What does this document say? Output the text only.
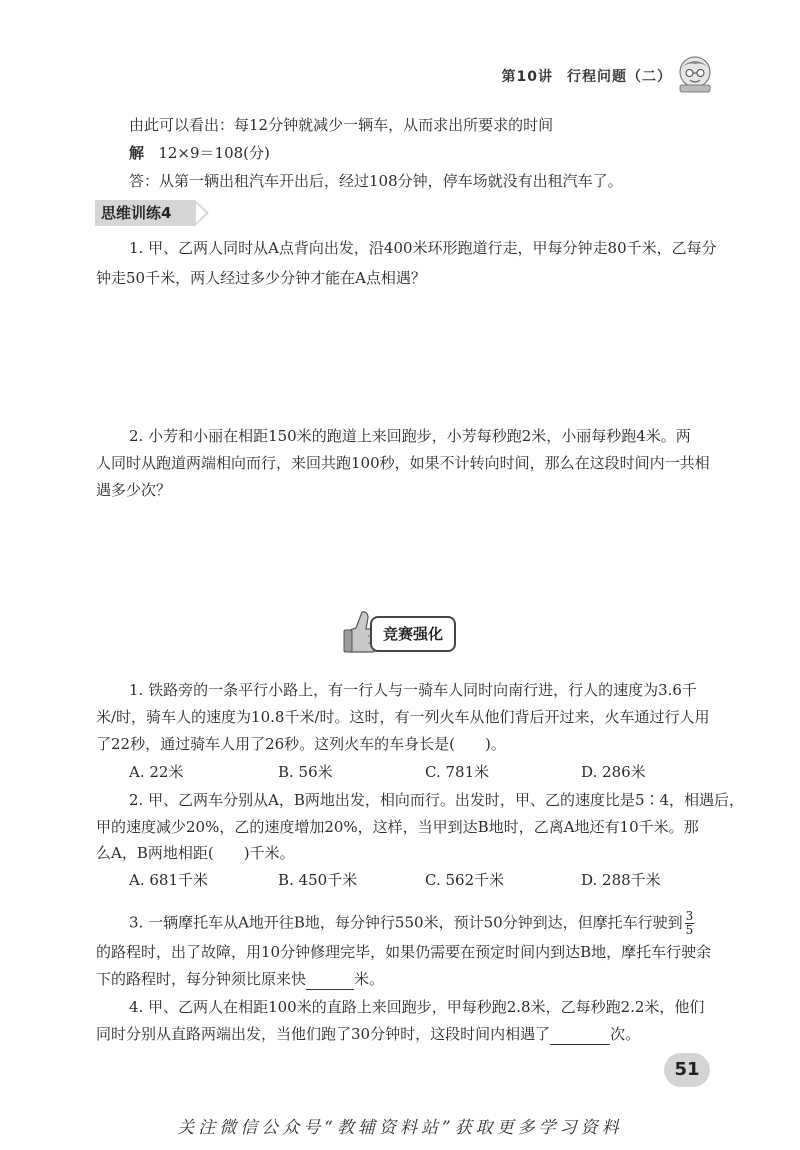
第10讲 行程问题（二）
由此可以看出：每12分钟就减少一辆车，从而求出所要求的时间
解 12×9＝108(分)
答：从第一辆出租汽车开出后，经过108分钟，停车场就没有出租汽车了。
思维训练4
1. 甲、乙两人同时从A点背向出发，沿400米环形跑道行走，甲每分钟走80千米，乙每分
钟走50千米，两人经过多少分钟才能在A点相遇？
2. 小芳和小丽在相距150米的跑道上来回跑步，小芳每秒跑2米，小丽每秒跑4米。两
人同时从跑道两端相向而行，来回共跑100秒，如果不计转向时间，那么在这段时间内一共相
遇多少次？
竞赛强化
1. 铁路旁的一条平行小路上，有一行人与一骑车人同时向南行进，行人的速度为3.6千
米/时，骑车人的速度为10.8千米/时。这时，有一列火车从他们背后开过来，火车通过行人用
了22秒，通过骑车人用了26秒。这列火车的车身长是( )。
A. 22米	B. 56米	C. 781米	D. 286米
2. 甲、乙两车分别从A，B两地出发，相向而行。出发时，甲、乙的速度比是5∶4，相遇后，
甲的速度减少20%，乙的速度增加20%，这样，当甲到达B地时，乙离A地还有10千米。那
么A，B两地相距( )千米。
A. 681千米	B. 450千米	C. 562千米	D. 288千米
3. 一辆摩托车从A地开往B地，每分钟行550米，预计50分钟到达，但摩托车行驶到 $\frac{3}{5}$
的路程时，出了故障，用10分钟修理完毕，如果仍需要在预定时间内到达B地，摩托车行驶余
下的路程时，每分钟须比原来快	米。
4. 甲、乙两人在相距100米的直路上来回跑步，甲每秒跑2.8米，乙每秒跑2.2米，他们
同时分别从直路两端出发，当他们跑了30分钟时，这段时间内相遇了	次。
51
关注微信公众号“教辅资料站”获取更多学习资料
